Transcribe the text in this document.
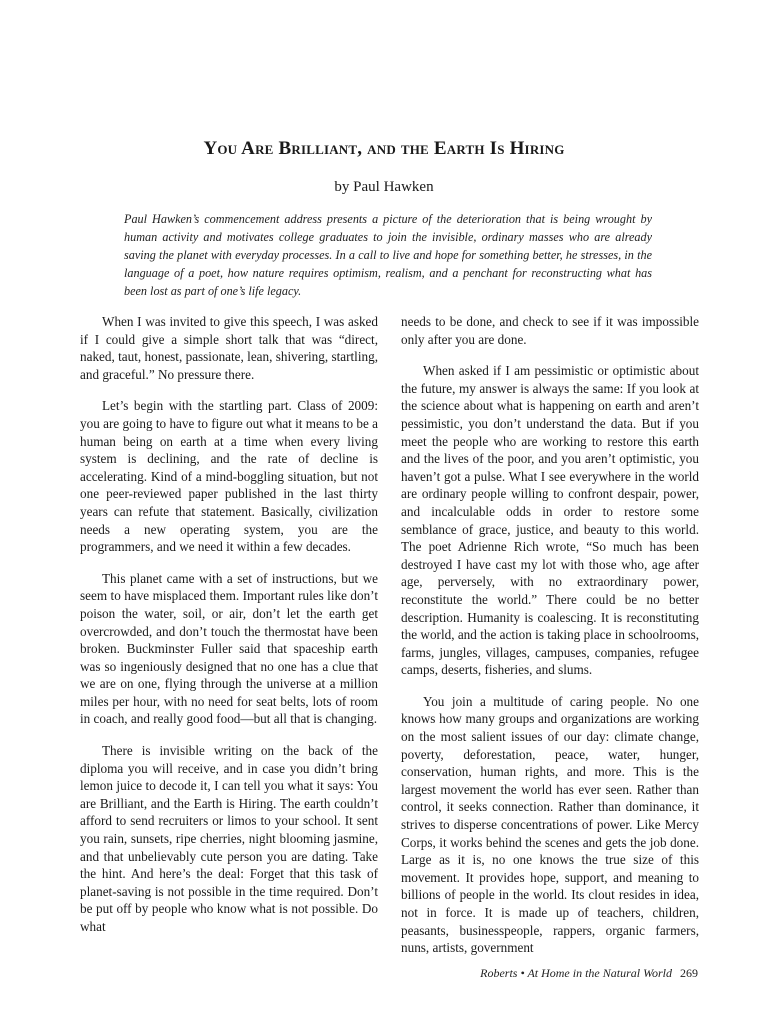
You Are Brilliant, and the Earth Is Hiring

by Paul Hawken

Paul Hawken’s commencement address presents a picture of the deterioration that is being wrought by human activity and motivates college graduates to join the invisible, ordinary masses who are already saving the planet with everyday processes. In a call to live and hope for something better, he stresses, in the language of a poet, how nature requires optimism, realism, and a penchant for reconstructing what has been lost as part of one’s life legacy.

When I was invited to give this speech, I was asked if I could give a simple short talk that was “direct, naked, taut, honest, passionate, lean, shivering, startling, and graceful.” No pressure there.

Let’s begin with the startling part. Class of 2009: you are going to have to figure out what it means to be a human being on earth at a time when every living system is declining, and the rate of decline is accelerating. Kind of a mind-boggling situation, but not one peer-reviewed paper published in the last thirty years can refute that statement. Basically, civilization needs a new operating system, you are the programmers, and we need it within a few decades.

This planet came with a set of instructions, but we seem to have misplaced them. Important rules like don’t poison the water, soil, or air, don’t let the earth get overcrowded, and don’t touch the thermostat have been broken. Buckminster Fuller said that spaceship earth was so ingeniously designed that no one has a clue that we are on one, flying through the universe at a million miles per hour, with no need for seat belts, lots of room in coach, and really good food—but all that is changing.

There is invisible writing on the back of the diploma you will receive, and in case you didn’t bring lemon juice to decode it, I can tell you what it says: You are Brilliant, and the Earth is Hiring. The earth couldn’t afford to send recruiters or limos to your school. It sent you rain, sunsets, ripe cherries, night blooming jasmine, and that unbelievably cute person you are dating. Take the hint. And here’s the deal: Forget that this task of planet-saving is not possible in the time required. Don’t be put off by people who know what is not possible. Do what

needs to be done, and check to see if it was impossible only after you are done.

When asked if I am pessimistic or optimistic about the future, my answer is always the same: If you look at the science about what is happening on earth and aren’t pessimistic, you don’t understand the data. But if you meet the people who are working to restore this earth and the lives of the poor, and you aren’t optimistic, you haven’t got a pulse. What I see everywhere in the world are ordinary people willing to confront despair, power, and incalculable odds in order to restore some semblance of grace, justice, and beauty to this world. The poet Adrienne Rich wrote, “So much has been destroyed I have cast my lot with those who, age after age, perversely, with no extraordinary power, reconstitute the world.” There could be no better description. Humanity is coalescing. It is reconstituting the world, and the action is taking place in schoolrooms, farms, jungles, villages, campuses, companies, refugee camps, deserts, fisheries, and slums.

You join a multitude of caring people. No one knows how many groups and organizations are working on the most salient issues of our day: climate change, poverty, deforestation, peace, water, hunger, conservation, human rights, and more. This is the largest movement the world has ever seen. Rather than control, it seeks connection. Rather than dominance, it strives to disperse concentrations of power. Like Mercy Corps, it works behind the scenes and gets the job done. Large as it is, no one knows the true size of this movement. It provides hope, support, and meaning to billions of people in the world. Its clout resides in idea, not in force. It is made up of teachers, children, peasants, businesspeople, rappers, organic farmers, nuns, artists, government

Roberts • At Home in the Natural World 269
